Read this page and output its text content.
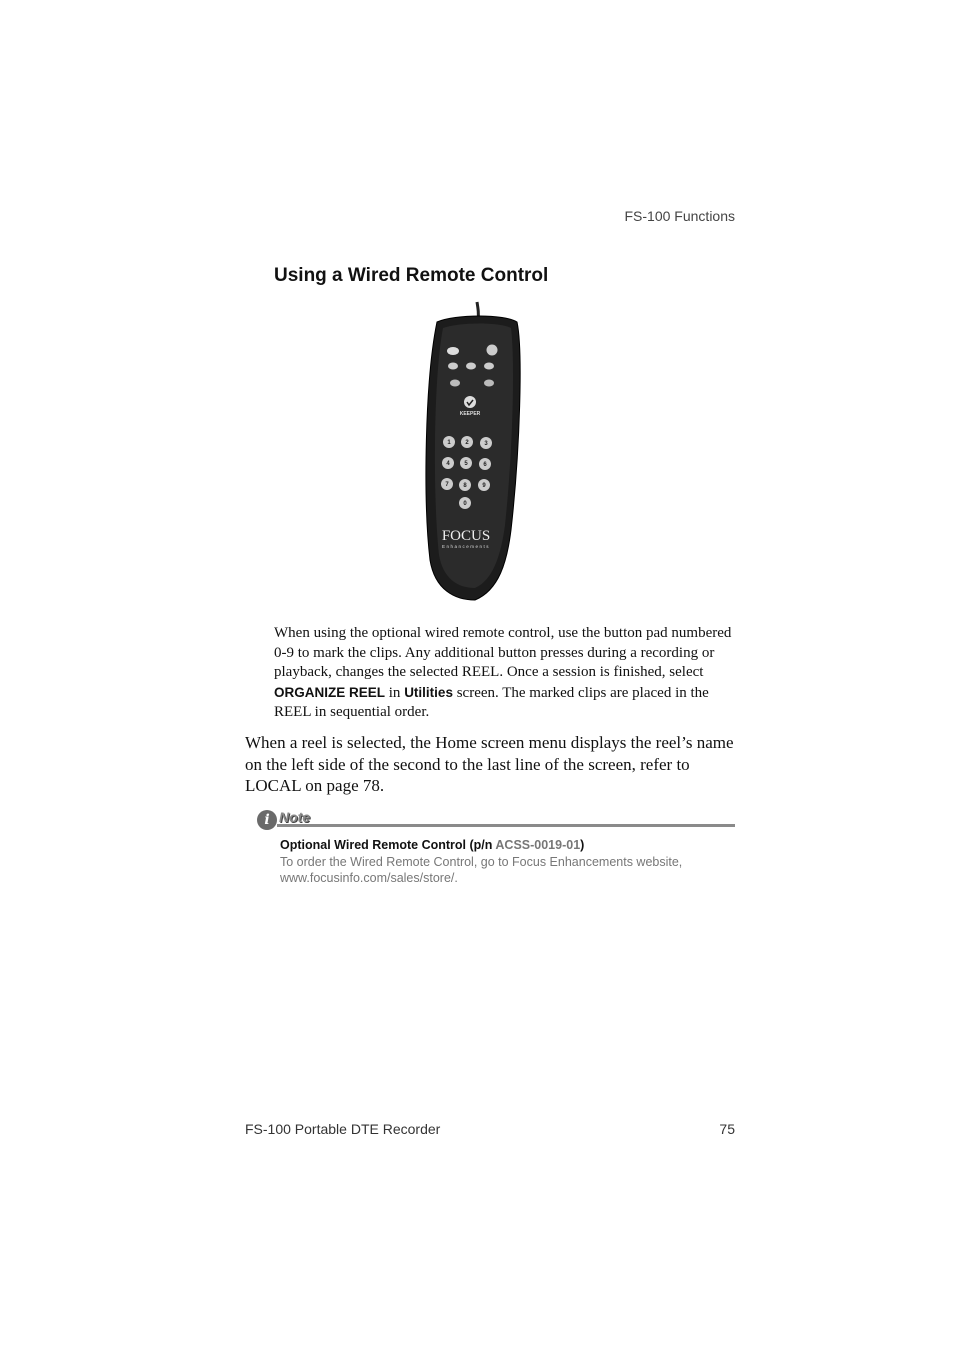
FS-100 Functions
Using a Wired Remote Control
KEEPER
1 2	3
4 5	6
7 8	9
0
FOCUS
Enhancements
When using the optional wired remote control, use the button pad numbered 0-9 to mark the clips. Any additional button presses during a recording or playback, changes the selected REEL. Once a session is finished, select ORGANIZE REEL in Utilities screen. The marked clips are placed in the REEL in sequential order.
When a reel is selected, the Home screen menu displays the reel’s name on the left side of the second to the last line of the screen, refer to LOCAL on page 78.
i Note
Optional Wired Remote Control (p/n ACSS-0019-01)
To order the Wired Remote Control, go to Focus Enhancements website,
www.focusinfo.com/sales/store/.
FS-100 Portable DTE Recorder	75
